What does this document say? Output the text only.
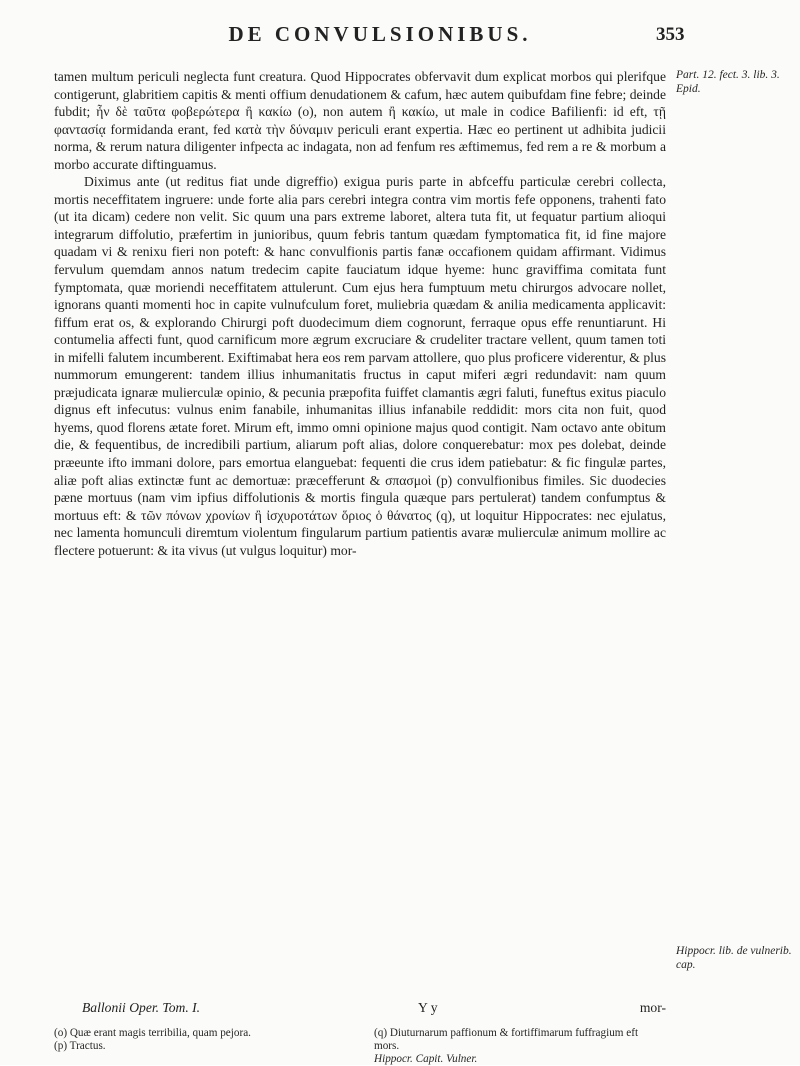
DE CONVULSIONIBUS.	353

tamen multum periculi neglecta funt creatura. Quod Hippocrates obfervavit dum explicat morbos qui plerifque contigerunt, glabritiem capitis & menti offium denudationem & cafum, hæc autem quibufdam fine febre; deinde fubdit; ἦν δὲ ταῦτα φοβερώτερα ἢ κακίω (o), non autem ἢ κακίω, ut male in codice Bafilienfi: id eft, τῇ φαντασίᾳ formidanda erant, fed κατὰ τὴν δύναμιν periculi erant expertia. Hæc eo pertinent ut adhibita judicii norma, & rerum natura diligenter infpecta ac indagata, non ad fenfum res æftimemus, fed rem a re & morbum a morbo accurate diftinguamus.

Diximus ante (ut reditus fiat unde digreffio) exigua puris parte in abfceffu particulæ cerebri collecta, mortis neceffitatem ingruere: unde forte alia pars cerebri integra contra vim mortis fefe opponens, trahenti fato (ut ita dicam) cedere non velit. Sic quum una pars extreme laboret, altera tuta fit, ut fequatur partium alioqui integrarum diffolutio, præfertim in junioribus, quum febris tantum quædam fymptomatica fit, id fine majore quadam vi & renixu fieri non poteft: & hanc convulfionis partis fanæ occafionem quidam affirmant. Vidimus fervulum quemdam annos natum tredecim capite fauciatum idque hyeme: hunc graviffima comitata funt fymptomata, quæ moriendi neceffitatem attulerunt. Cum ejus hera fumptuum metu chirurgos advocare nollet, ignorans quanti momenti hoc in capite vulnufculum foret, muliebria quædam & anilia medicamenta applicavit: fiffum erat os, & explorando Chirurgi poft duodecimum diem cognorunt, ferraque opus effe renuntiarunt. Hi contumelia affecti funt, quod carnificum more ægrum excruciare & crudeliter tractare vellent, quum tamen toti in mifelli falutem incumberent. Exiftimabat hera eos rem parvam attollere, quo plus proficere viderentur, & plus nummorum emungerent: tandem illius inhumanitatis fructus in caput miferi ægri redundavit: nam quum præjudicata ignaræ mulierculæ opinio, & pecunia præpofita fuiffet clamantis ægri faluti, funeftus exitus piaculo dignus eft infecutus: vulnus enim fanabile, inhumanitas illius infanabile reddidit: mors cita non fuit, quod hyems, quod florens ætate foret. Mirum eft, immo omni opinione majus quod contigit. Nam octavo ante obitum die, & fequentibus, de incredibili partium, aliarum poft alias, dolore conquerebatur: mox pes dolebat, deinde præeunte ifto immani dolore, pars emortua elanguebat: fequenti die crus idem patiebatur: & fic fingulæ partes, aliæ poft alias extinctæ funt ac demortuæ: præcefferunt & σπασμοὶ (p) convulfionibus fimiles. Sic duodecies pæne mortuus (nam vim ipfius diffolutionis & mortis fingula quæque pars pertulerat) tandem confumptus & mortuus eft: & τῶν πόνων χρονίων ἢ ἰσχυροτάτων ὅριος ὁ θάνατος (q), ut loquitur Hippocrates: nec ejulatus, nec lamenta homunculi diremtum violentum fingularum partium patientis avaræ mulierculæ animum mollire ac flectere potuerunt: & ita vivus (ut vulgus loquitur) mor-

Part. 12. fect. 3. lib. 3. Epid.
Hippocr. lib. de vulnerib. cap.
Ballonii Oper. Tom. I.	Y y	mor-
(o) Quæ erant magis terribilia, quam pejora.
(p) Tractus.
(q) Diuturnarum paffionum & fortiffimarum fuffragium eft mors.
Hippocr. Capit. Vulner.
